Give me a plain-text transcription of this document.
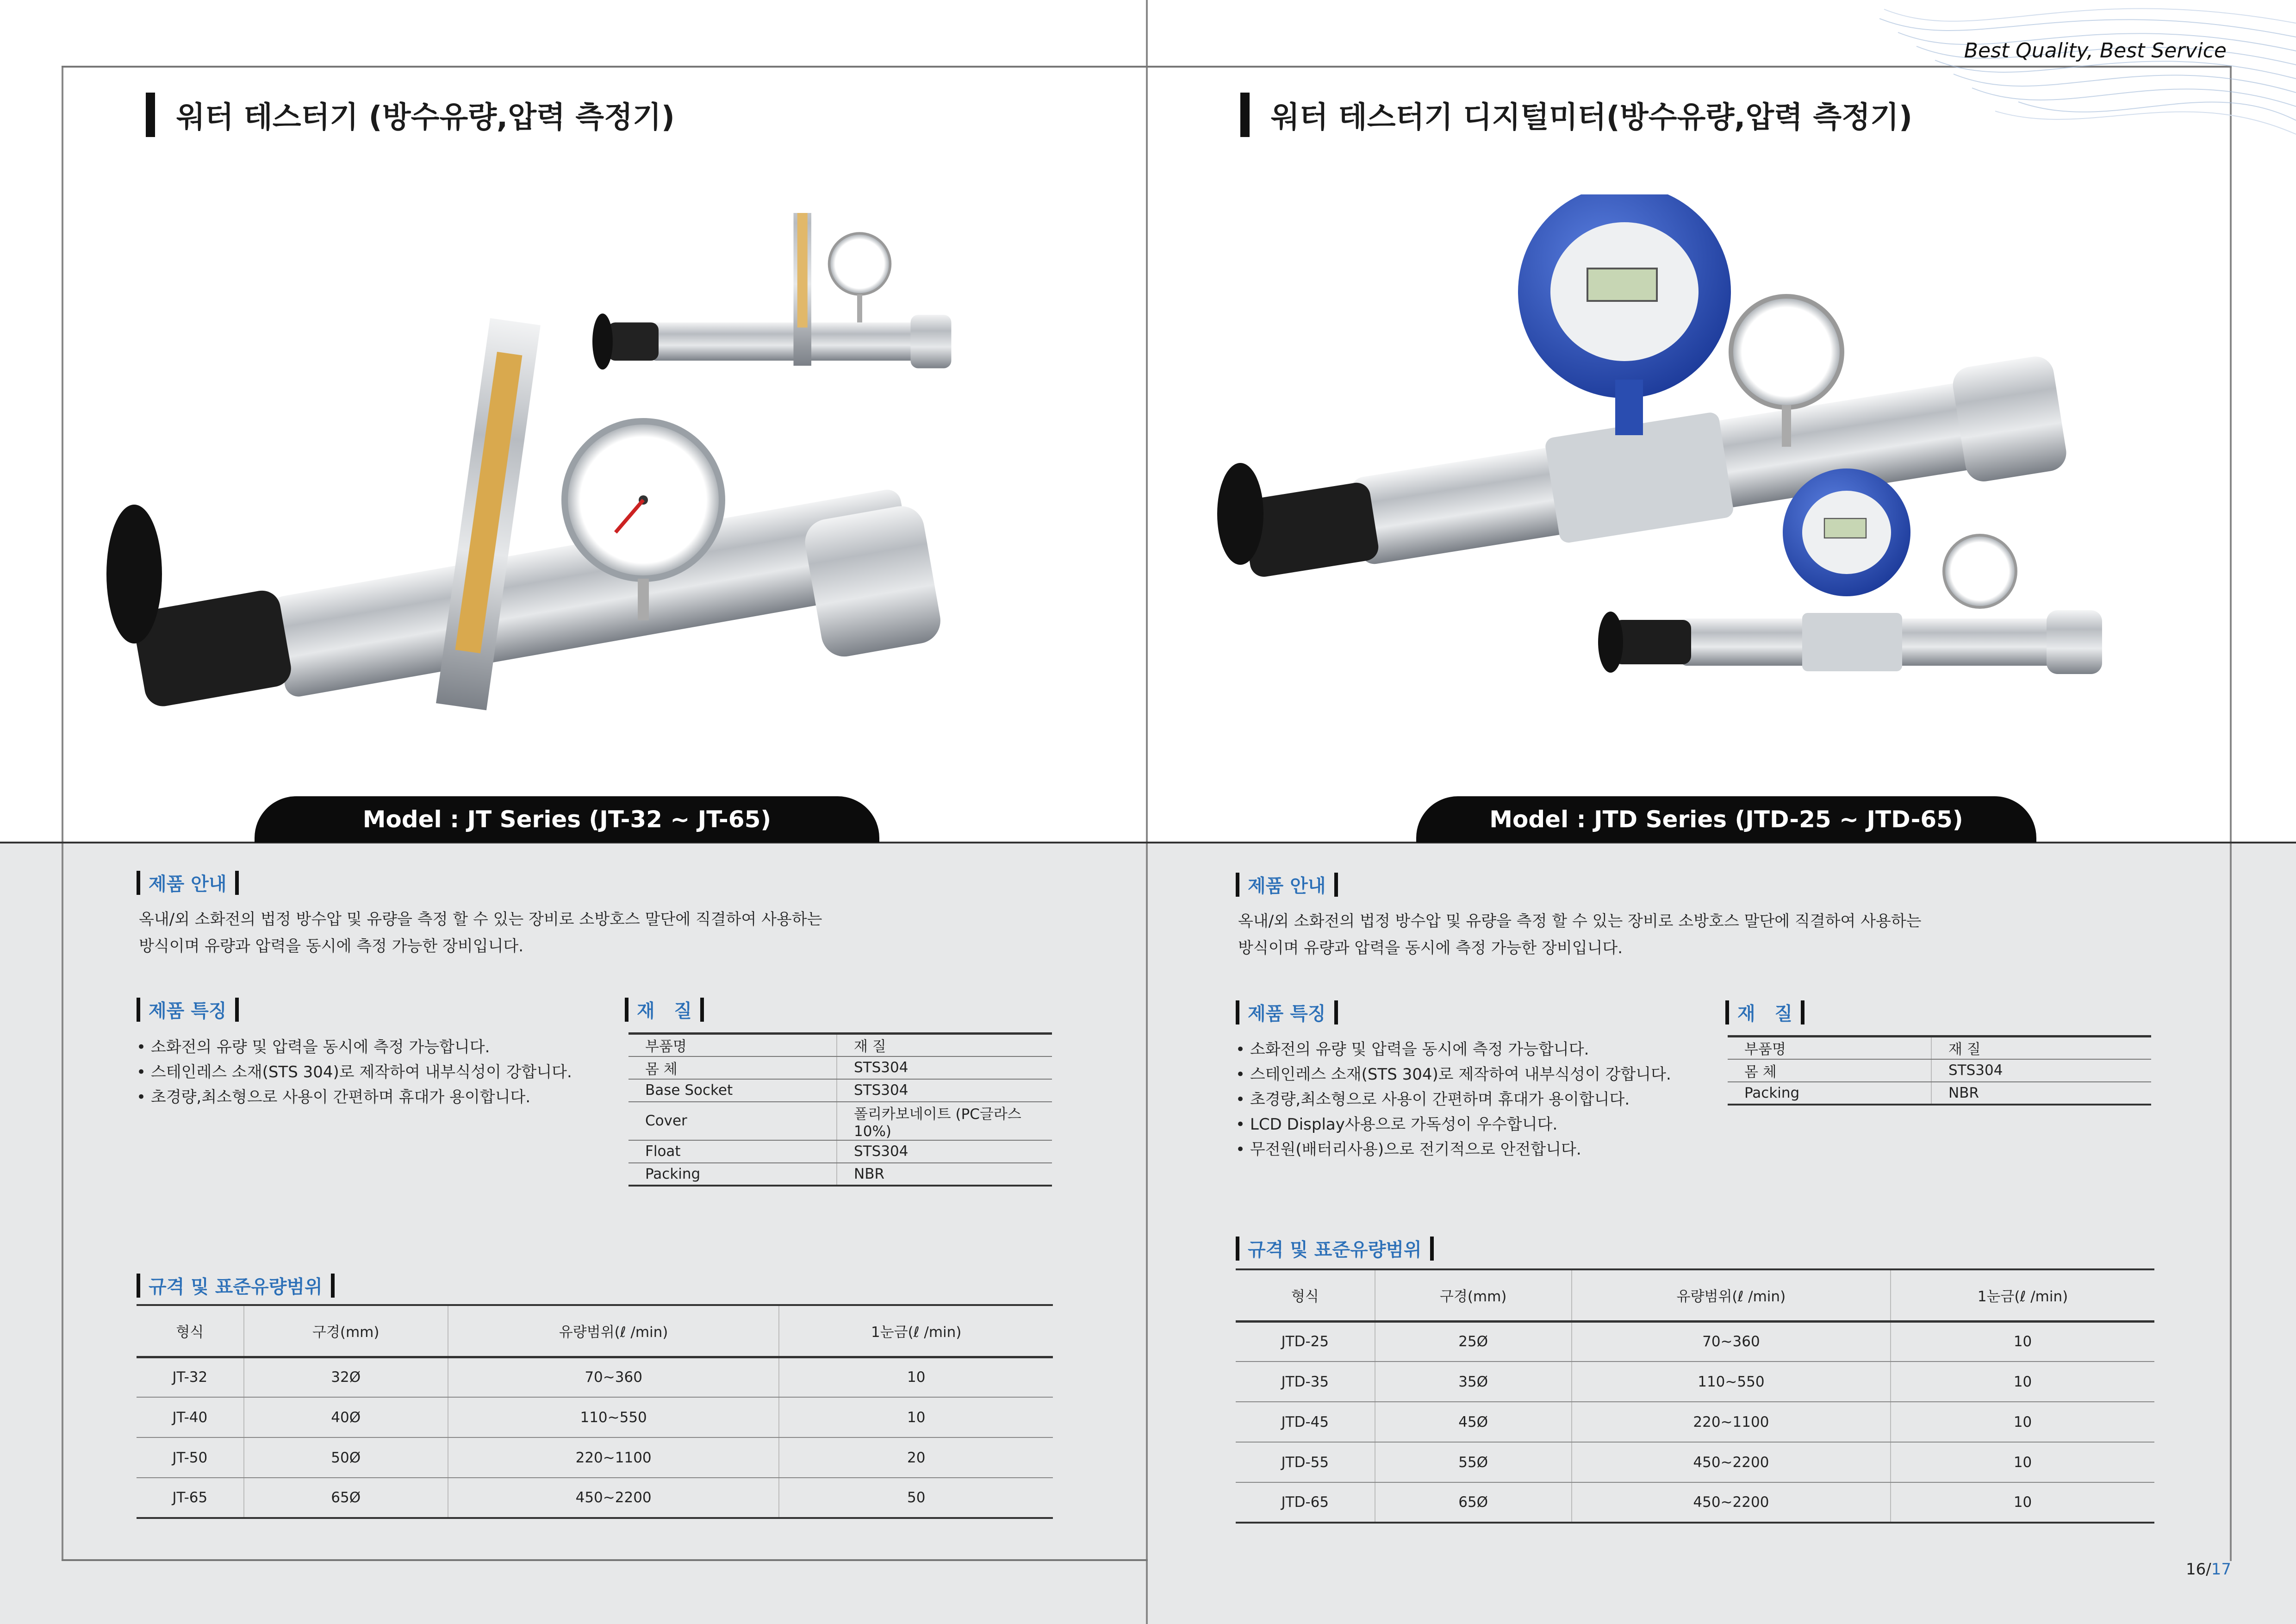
Best Quality, Best Service
워터 테스터기 (방수유량,압력 측정기)
Model : JT Series (JT-32 ~ JT-65)
제품 안내
옥내/외 소화전의 법정 방수압 및 유량을 측정 할 수 있는 장비로 소방호스 말단에 직결하여 사용하는
방식이며 유량과 압력을 동시에 측정 가능한 장비입니다.
제품 특징
• 소화전의 유량 및 압력을 동시에 측정 가능합니다.
• 스테인레스 소재(STS 304)로 제작하여 내부식성이 강합니다.
• 초경량,최소형으로 사용이 간편하며 휴대가 용이합니다.
재   질
부품명	재 질
몸 체	STS304
Base Socket	STS304
Cover	폴리카보네이트 (PC글라스 10%)
Float	STS304
Packing	NBR
규격 및 표준유량범위
형식	구경(mm)	유량범위(ℓ /min)	1눈금(ℓ /min)
JT-32	32Ø	70~360	10
JT-40	40Ø	110~550	10
JT-50	50Ø	220~1100	20
JT-65	65Ø	450~2200	50
워터 테스터기 디지털미터(방수유량,압력 측정기)
Model : JTD Series (JTD-25 ~ JTD-65)
제품 안내
옥내/외 소화전의 법정 방수압 및 유량을 측정 할 수 있는 장비로 소방호스 말단에 직결하여 사용하는
방식이며 유량과 압력을 동시에 측정 가능한 장비입니다.
제품 특징
• 소화전의 유량 및 압력을 동시에 측정 가능합니다.
• 스테인레스 소재(STS 304)로 제작하여 내부식성이 강합니다.
• 초경량,최소형으로 사용이 간편하며 휴대가 용이합니다.
• LCD Display사용으로 가독성이 우수합니다.
• 무전원(배터리사용)으로 전기적으로 안전합니다.
재   질
부품명	재 질
몸 체	STS304
Packing	NBR
규격 및 표준유량범위
형식	구경(mm)	유량범위(ℓ /min)	1눈금(ℓ /min)
JTD-25	25Ø	70~360	10
JTD-35	35Ø	110~550	10
JTD-45	45Ø	220~1100	10
JTD-55	55Ø	450~2200	10
JTD-65	65Ø	450~2200	10
16/17
